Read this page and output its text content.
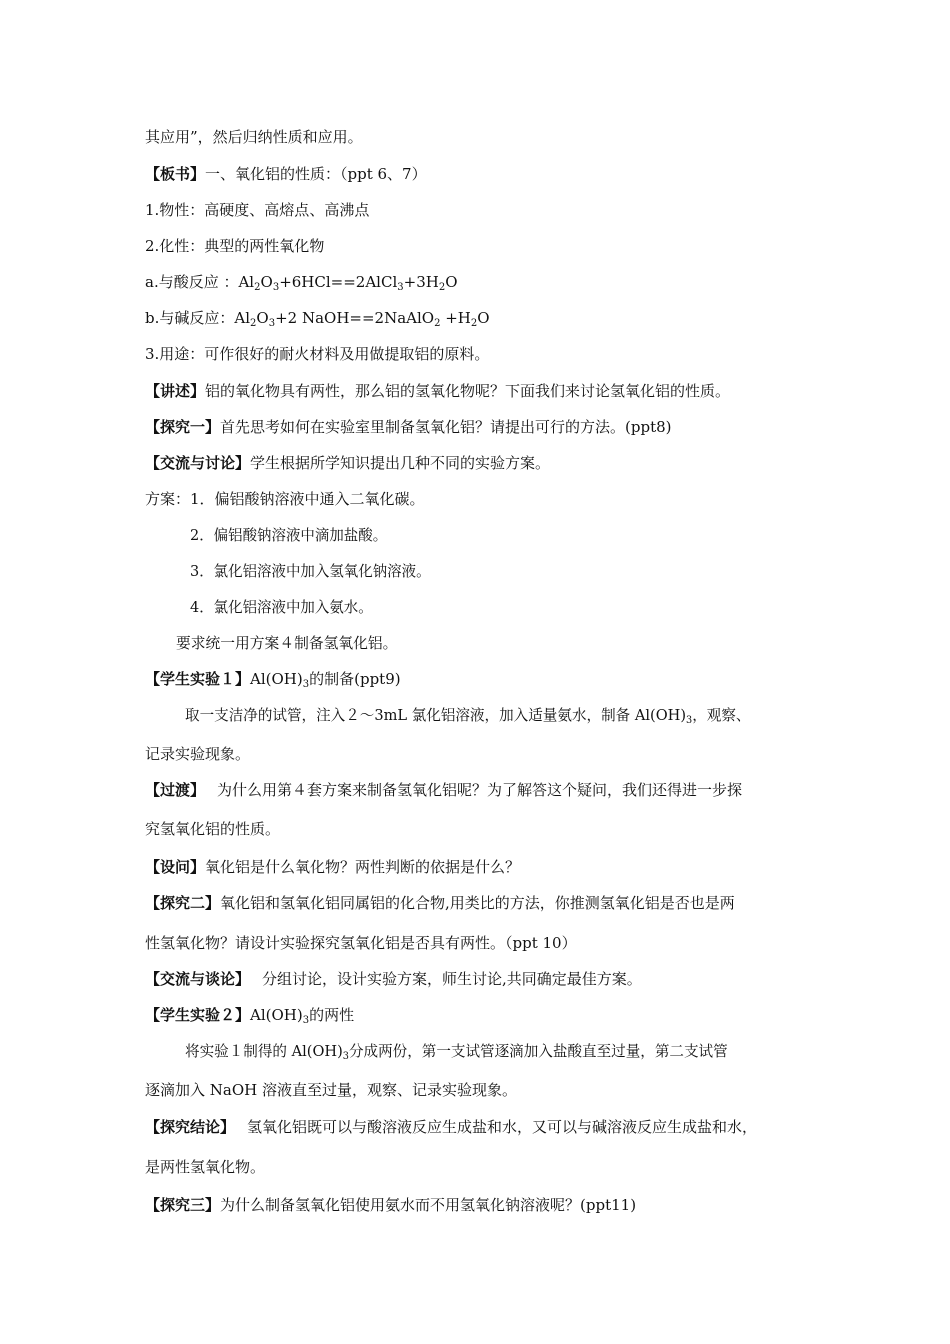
其应用”，然后归纳性质和应用。
【板书】一、氧化铝的性质：（ppt 6、7）
1.物性：高硬度、高熔点、高沸点
2.化性：典型的两性氧化物
a.与酸反应 ：$Al_2O_3+6HCl==2AlCl_3+3H_2O$
b.与碱反应：$Al_2O_3+2$ NaOH==2NaAlO$_2$ $+H_2O$
3.用途：可作很好的耐火材料及用做提取铝的原料。
【讲述】铝的氧化物具有两性，那么铝的氢氧化物呢？下面我们来讨论氢氧化铝的性质。
【探究一】首先思考如何在实验室里制备氢氧化铝？请提出可行的方法。(ppt8)
【交流与讨论】学生根据所学知识提出几种不同的实验方案。
方案：1．偏铝酸钠溶液中通入二氧化碳。
2．偏铝酸钠溶液中滴加盐酸。
3．氯化铝溶液中加入氢氧化钠溶液。
4．氯化铝溶液中加入氨水。
要求统一用方案４制备氢氧化铝。
【学生实验１】$Al(OH)_3$的制备(ppt9)
取一支洁净的试管，注入２～3mL 氯化铝溶液，加入适量氨水，制备 $Al(OH)_3$，观察、
记录实验现象。
【过渡】 为什么用第４套方案来制备氢氧化铝呢？为了解答这个疑问，我们还得进一步探
究氢氧化铝的性质。
【设问】氧化铝是什么氧化物？两性判断的依据是什么？
【探究二】氧化铝和氢氧化铝同属铝的化合物,用类比的方法，你推测氢氧化铝是否也是两
性氢氧化物？请设计实验探究氢氧化铝是否具有两性。（ppt 10）
【交流与谈论】 分组讨论，设计实验方案，师生讨论,共同确定最佳方案。
【学生实验２】$Al(OH)_3$的两性
将实验１制得的 $Al(OH)_3$分成两份，第一支试管逐滴加入盐酸直至过量，第二支试管
逐滴加入 NaOH 溶液直至过量，观察、记录实验现象。
【探究结论】 氢氧化铝既可以与酸溶液反应生成盐和水，又可以与碱溶液反应生成盐和水，
是两性氢氧化物。
【探究三】为什么制备氢氧化铝使用氨水而不用氢氧化钠溶液呢？(ppt11)
